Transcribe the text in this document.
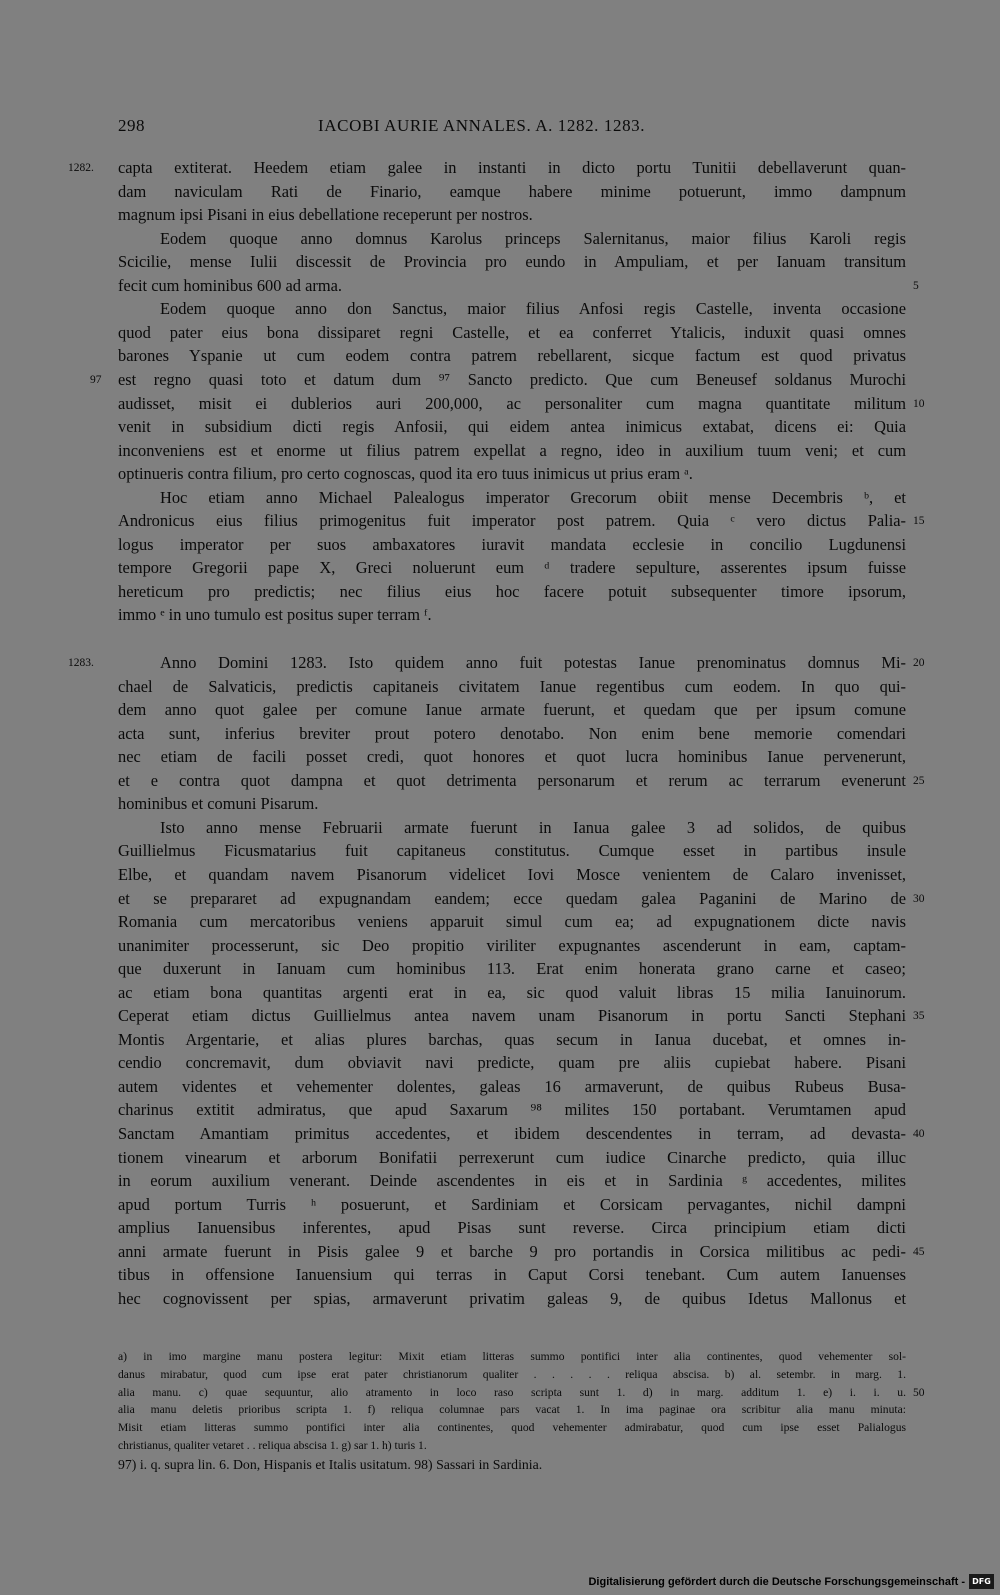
298	IACOBI AURIE ANNALES. A. 1282. 1283.
capta extiterat. Heedem etiam galee in instanti in dicto portu Tunitii debellaverunt quan-
1282.
dam naviculam Rati de Finario, eamque habere minime potuerunt, immo dampnum
magnum ipsi Pisani in eius debellatione receperunt per nostros.
Eodem quoque anno domnus Karolus princeps Salernitanus, maior filius Karoli regis
Scicilie, mense Iulii discessit de Provincia pro eundo in Ampuliam, et per Ianuam transitum
fecit cum hominibus 600 ad arma.	5
Eodem quoque anno don Sanctus, maior filius Anfosi regis Castelle, inventa occasione
quod pater eius bona dissiparet regni Castelle, et ea conferret Ytalicis, induxit quasi omnes
barones Yspanie ut cum eodem contra patrem rebellarent, sicque factum est quod privatus
est regno quasi toto et datum dum ⁹⁷ Sancto predicto. Que cum Beneusef soldanus Murochi
97
audisset, misit ei dublerios auri 200,000, ac personaliter cum magna quantitate militum 10
venit in subsidium dicti regis Anfosii, qui eidem antea inimicus extabat, dicens ei: Quia
inconveniens est et enorme ut filius patrem expellat a regno, ideo in auxilium tuum veni; et cum
optinueris contra filium, pro certo cognoscas, quod ita ero tuus inimicus ut prius eram ᵃ.
Hoc etiam anno Michael Palealogus imperator Grecorum obiit mense Decembris ᵇ, et
Andronicus eius filius primogenitus fuit imperator post patrem. Quia ᶜ vero dictus Palia- 15
logus imperator per suos ambaxatores iuravit mandata ecclesie in concilio Lugdunensi
tempore Gregorii pape X, Greci noluerunt eum ᵈ tradere sepulture, asserentes ipsum fuisse
hereticum pro predictis; nec filius eius hoc facere potuit subsequenter timore ipsorum,
immo ᵉ in uno tumulo est positus super terram ᶠ.
Anno Domini 1283. Isto quidem anno fuit potestas Ianue prenominatus domnus Mi-
1283.	20
chael de Salvaticis, predictis capitaneis civitatem Ianue regentibus cum eodem. In quo qui-
dem anno quot galee per comune Ianue armate fuerunt, et quedam que per ipsum comune
acta sunt, inferius breviter prout potero denotabo. Non enim bene memorie comendari
nec etiam de facili posset credi, quot honores et quot lucra hominibus Ianue pervenerunt,
et e contra quot dampna et quot detrimenta personarum et rerum ac terrarum evenerunt 25
hominibus et comuni Pisarum.
Isto anno mense Februarii armate fuerunt in Ianua galee 3 ad solidos, de quibus
Guillielmus Ficusmatarius fuit capitaneus constitutus. Cumque esset in partibus insule
Elbe, et quandam navem Pisanorum videlicet Iovi Mosce venientem de Calaro invenisset,
et se prepararet ad expugnandam eandem; ecce quedam galea Paganini de Marino de 30
Romania cum mercatoribus veniens apparuit simul cum ea; ad expugnationem dicte navis
unanimiter processerunt, sic Deo propitio viriliter expugnantes ascenderunt in eam, captam-
que duxerunt in Ianuam cum hominibus 113. Erat enim honerata grano carne et caseo;
ac etiam bona quantitas argenti erat in ea, sic quod valuit libras 15 milia Ianuinorum.
Ceperat etiam dictus Guillielmus antea navem unam Pisanorum in portu Sancti Stephani 35
Montis Argentarie, et alias plures barchas, quas secum in Ianua ducebat, et omnes in-
cendio concremavit, dum obviavit navi predicte, quam pre aliis cupiebat habere. Pisani
autem videntes et vehementer dolentes, galeas 16 armaverunt, de quibus Rubeus Busa-
charinus extitit admiratus, que apud Saxarum ⁹⁸ milites 150 portabant. Verumtamen apud
Sanctam Amantiam primitus accedentes, et ibidem descendentes in terram, ad devasta- 40
tionem vinearum et arborum Bonifatii perrexerunt cum iudice Cinarche predicto, quia illuc
in eorum auxilium venerant. Deinde ascendentes in eis et in Sardinia ᵍ accedentes, milites
apud portum Turris ʰ posuerunt, et Sardiniam et Corsicam pervagantes, nichil dampni
amplius Ianuensibus inferentes, apud Pisas sunt reverse. Circa principium etiam dicti
anni armate fuerunt in Pisis galee 9 et barche 9 pro portandis in Corsica militibus ac pedi- 45
tibus in offensione Ianuensium qui terras in Caput Corsi tenebant. Cum autem Ianuenses
hec cognovissent per spias, armaverunt privatim galeas 9, de quibus Idetus Mallonus et
a) in imo margine manu postera legitur: Mixit etiam litteras summo pontifici inter alia continentes, quod vehementer sol-
danus mirabatur, quod cum ipse erat pater christianorum qualiter . . . . . reliqua abscisa. b) al. setembr. in marg. 1.
alia manu. c) quae sequuntur, alio atramento in loco raso scripta sunt 1. d) in marg. additum 1. e) i. i. u. 50
alia manu deletis prioribus scripta 1. f) reliqua columnae pars vacat 1. In ima paginae ora scribitur alia manu minuta:
Misit etiam litteras summo pontifici inter alia continentes, quod vehementer admirabatur, quod cum ipse esset Palialogus
christianus, qualiter vetaret . . reliqua abscisa 1. g) sar 1. h) turis 1.
97) i. q. supra lin. 6. Don, Hispanis et Italis usitatum. 98) Sassari in Sardinia.
Digitalisierung gefördert durch die Deutsche Forschungsgemeinschaft - DFG
